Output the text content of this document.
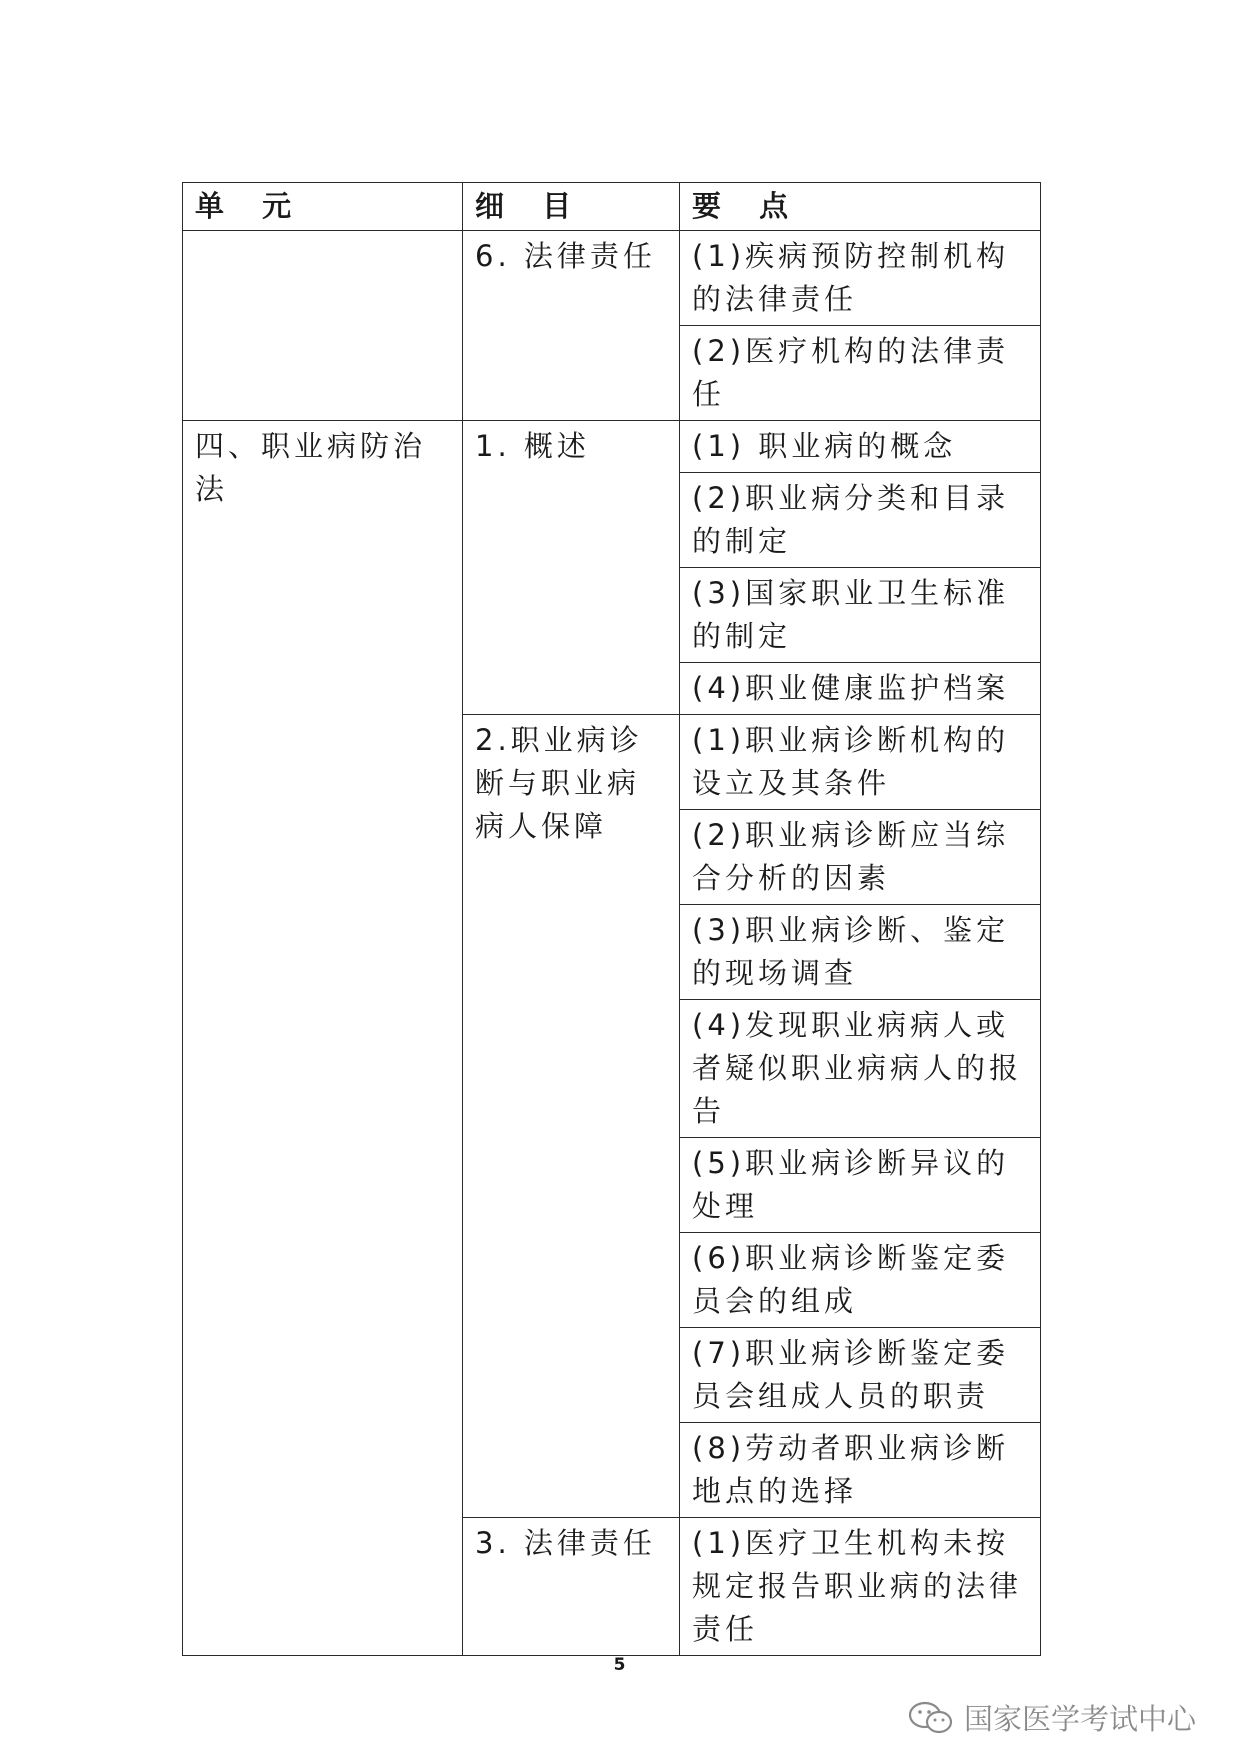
单 元	细 目	要 点
	6. 法律责任	(1)疾病预防控制机构的法律责任
		(2)医疗机构的法律责任
四、职业病防治法	1. 概述	(1) 职业病的概念
		(2)职业病分类和目录的制定
		(3)国家职业卫生标准的制定
		(4)职业健康监护档案
	2.职业病诊断与职业病病人保障	(1)职业病诊断机构的设立及其条件
		(2)职业病诊断应当综合分析的因素
		(3)职业病诊断、鉴定的现场调查
		(4)发现职业病病人或者疑似职业病病人的报告
		(5)职业病诊断异议的处理
		(6)职业病诊断鉴定委员会的组成
		(7)职业病诊断鉴定委员会组成人员的职责
		(8)劳动者职业病诊断地点的选择
	3. 法律责任	(1)医疗卫生机构未按规定报告职业病的法律责任
5
国家医学考试中心
